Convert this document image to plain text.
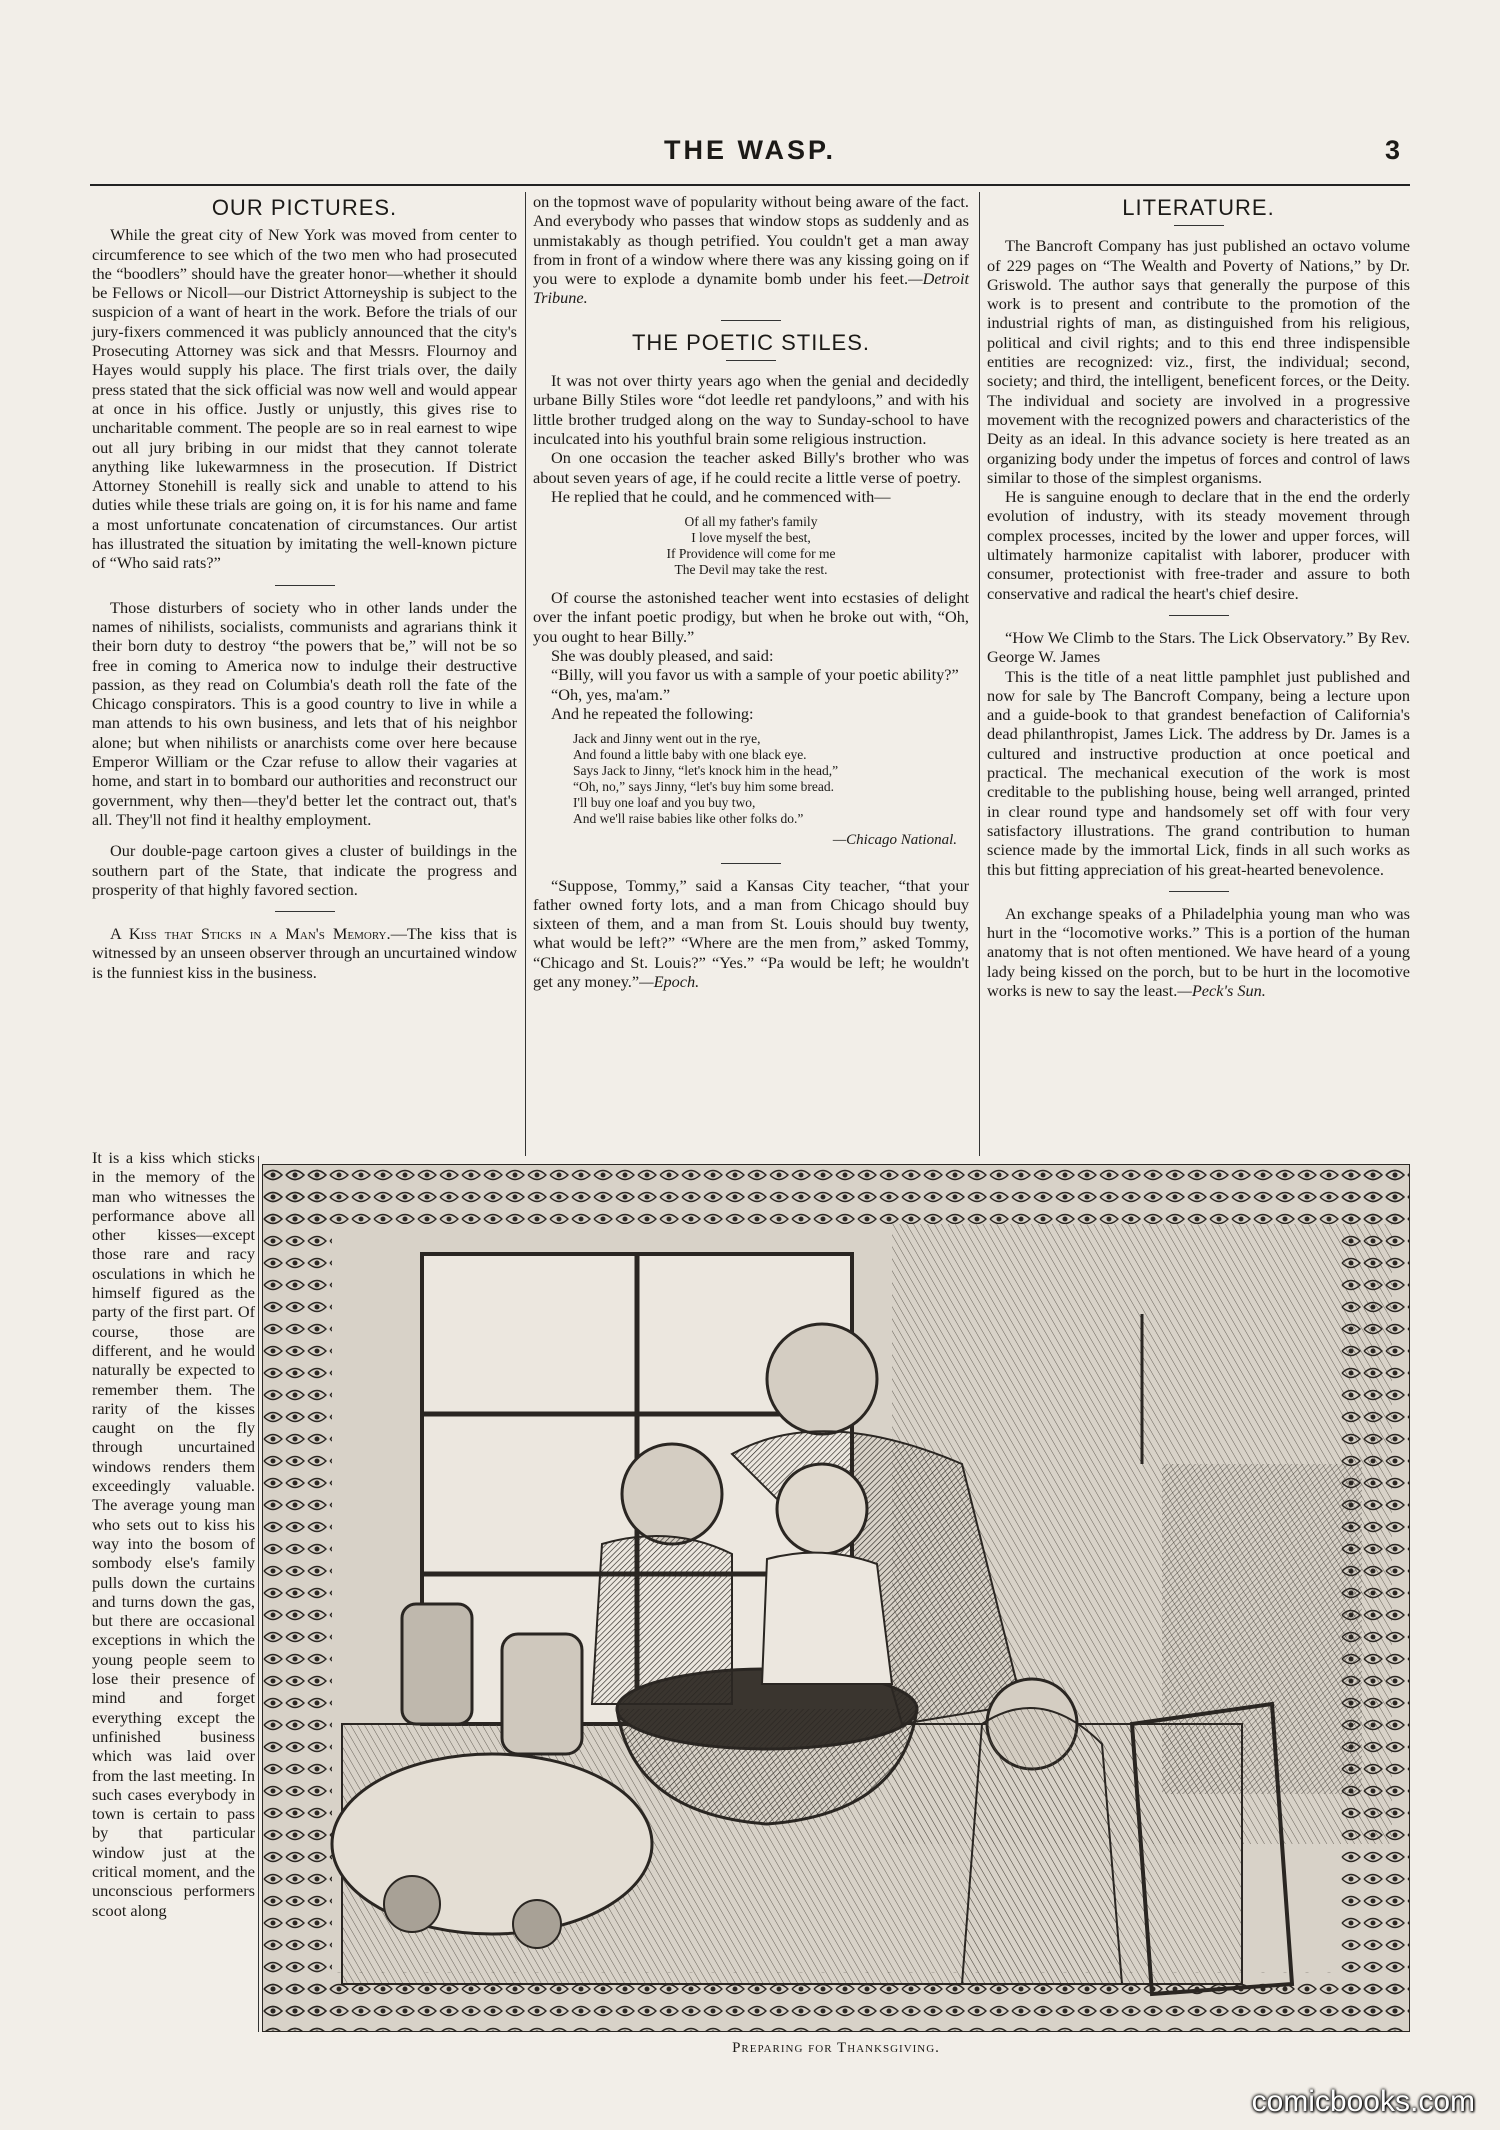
THE WASP.	3
OUR PICTURES.

While the great city of New York was moved from center to circumference to see which of the two men who had prosecuted the “boodlers” should have the greater honor—whether it should be Fellows or Nicoll—our District Attorneyship is subject to the suspicion of a want of heart in the work. Before the trials of our jury-fixers commenced it was publicly announced that the city's Prosecuting Attorney was sick and that Messrs. Flournoy and Hayes would supply his place. The first trials over, the daily press stated that the sick official was now well and would appear at once in his office. Justly or unjustly, this gives rise to uncharitable comment. The people are so in real earnest to wipe out all jury bribing in our midst that they cannot tolerate anything like lukewarmness in the prosecution. If District Attorney Stonehill is really sick and unable to attend to his duties while these trials are going on, it is for his name and fame a most unfortunate concatenation of circumstances. Our artist has illustrated the situation by imitating the well-known picture of “Who said rats?”

Those disturbers of society who in other lands under the names of nihilists, socialists, communists and agrarians think it their born duty to destroy “the powers that be,” will not be so free in coming to America now to indulge their destructive passion, as they read on Columbia's death roll the fate of the Chicago conspirators. This is a good country to live in while a man attends to his own business, and lets that of his neighbor alone; but when nihilists or anarchists come over here because Emperor William or the Czar refuse to allow their vagaries at home, and start in to bombard our authorities and reconstruct our government, why then—they'd better let the contract out, that's all. They'll not find it healthy employment.

Our double-page cartoon gives a cluster of buildings in the southern part of the State, that indicate the progress and prosperity of that highly favored section.

A Kiss that Sticks in a Man's Memory.—The kiss that is witnessed by an unseen observer through an uncurtained window is the funniest kiss in the business.

It is a kiss which sticks in the memory of the man who witnesses the performance above all other kisses—except those rare and racy osculations in which he himself figured as the party of the first part. Of course, those are different, and he would naturally be expected to remember them. The rarity of the kisses caught on the fly through uncurtained windows renders them exceedingly valuable. The average young man who sets out to kiss his way into the bosom of sombody else's family pulls down the curtains and turns down the gas, but there are occasional exceptions in which the young people seem to lose their presence of mind and forget everything except the unfinished business which was laid over from the last meeting. In such cases everybody in town is certain to pass by that particular window just at the critical moment, and the unconscious performers scoot along

on the topmost wave of popularity without being aware of the fact. And everybody who passes that window stops as suddenly and as unmistakably as though petrified. You couldn't get a man away from in front of a window where there was any kissing going on if you were to explode a dynamite bomb under his feet.—Detroit Tribune.

THE POETIC STILES.

It was not over thirty years ago when the genial and decidedly urbane Billy Stiles wore “dot leedle ret pandyloons,” and with his little brother trudged along on the way to Sunday-school to have inculcated into his youthful brain some religious instruction.

On one occasion the teacher asked Billy's brother who was about seven years of age, if he could recite a little verse of poetry.

He replied that he could, and he commenced with—

Of all my father's family
I love myself the best,
If Providence will come for me
The Devil may take the rest.

Of course the astonished teacher went into ecstasies of delight over the infant poetic prodigy, but when he broke out with, “Oh, you ought to hear Billy.”

She was doubly pleased, and said:

“Billy, will you favor us with a sample of your poetic ability?”

“Oh, yes, ma'am.”

And he repeated the following:

Jack and Jinny went out in the rye,
And found a little baby with one black eye.
Says Jack to Jinny, “let's knock him in the head,”
“Oh, no,” says Jinny, “let's buy him some bread.
I'll buy one loaf and you buy two,
And we'll raise babies like other folks do.”
—Chicago National.

“Suppose, Tommy,” said a Kansas City teacher, “that your father owned forty lots, and a man from Chicago should buy sixteen of them, and a man from St. Louis should buy twenty, what would be left?” “Where are the men from,” asked Tommy, “Chicago and St. Louis?” “Yes.” “Pa would be left; he wouldn't get any money.”—Epoch.

LITERATURE.

The Bancroft Company has just published an octavo volume of 229 pages on “The Wealth and Poverty of Nations,” by Dr. Griswold. The author says that generally the purpose of this work is to present and contribute to the promotion of the industrial rights of man, as distinguished from his religious, political and civil rights; and to this end three indispensible entities are recognized: viz., first, the individual; second, society; and third, the intelligent, beneficent forces, or the Deity. The individual and society are involved in a progressive movement with the recognized powers and characteristics of the Deity as an ideal. In this advance society is here treated as an organizing body under the impetus of forces and control of laws similar to those of the simplest organisms.

He is sanguine enough to declare that in the end the orderly evolution of industry, with its steady movement through complex processes, incited by the lower and upper forces, will ultimately harmonize capitalist with laborer, producer with consumer, protectionist with free-trader and assure to both conservative and radical the heart's chief desire.

“How We Climb to the Stars. The Lick Observatory.” By Rev. George W. James

This is the title of a neat little pamphlet just published and now for sale by The Bancroft Company, being a lecture upon and a guide-book to that grandest benefaction of California's dead philanthropist, James Lick. The address by Dr. James is a cultured and instructive production at once poetical and practical. The mechanical execution of the work is most creditable to the publishing house, being well arranged, printed in clear round type and handsomely set off with four very satisfactory illustrations. The grand contribution to human science made by the immortal Lick, finds in all such works as this but fitting appreciation of his great-hearted benevolence.

An exchange speaks of a Philadelphia young man who was hurt in the “locomotive works.” This is a portion of the human anatomy that is not often mentioned. We have heard of a young lady being kissed on the porch, but to be hurt in the locomotive works is new to say the least.—Peck's Sun.

Preparing for Thanksgiving.
comicbooks.com
